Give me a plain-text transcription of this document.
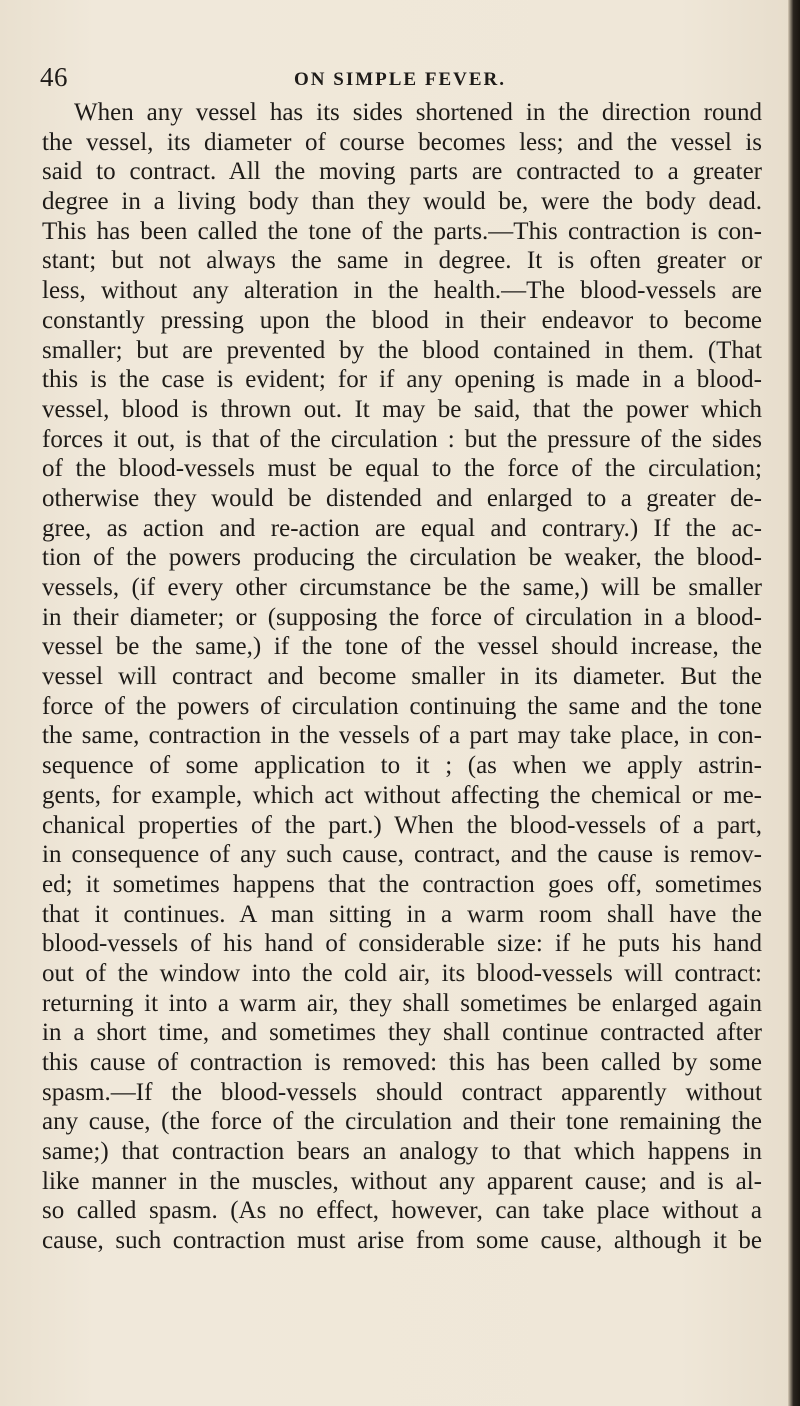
46	ON SIMPLE FEVER.
When any vessel has its sides shortened in the direction round
the vessel, its diameter of course becomes less; and the vessel is
said to contract. All the moving parts are contracted to a greater
degree in a living body than they would be, were the body dead.
This has been called the tone of the parts.—This contraction is con-
stant; but not always the same in degree. It is often greater or
less, without any alteration in the health.—The blood-vessels are
constantly pressing upon the blood in their endeavor to become
smaller; but are prevented by the blood contained in them. (That
this is the case is evident; for if any opening is made in a blood-
vessel, blood is thrown out. It may be said, that the power which
forces it out, is that of the circulation : but the pressure of the sides
of the blood-vessels must be equal to the force of the circulation;
otherwise they would be distended and enlarged to a greater de-
gree, as action and re-action are equal and contrary.) If the ac-
tion of the powers producing the circulation be weaker, the blood-
vessels, (if every other circumstance be the same,) will be smaller
in their diameter; or (supposing the force of circulation in a blood-
vessel be the same,) if the tone of the vessel should increase, the
vessel will contract and become smaller in its diameter. But the
force of the powers of circulation continuing the same and the tone
the same, contraction in the vessels of a part may take place, in con-
sequence of some application to it ; (as when we apply astrin-
gents, for example, which act without affecting the chemical or me-
chanical properties of the part.) When the blood-vessels of a part,
in consequence of any such cause, contract, and the cause is remov-
ed; it sometimes happens that the contraction goes off, sometimes
that it continues. A man sitting in a warm room shall have the
blood-vessels of his hand of considerable size: if he puts his hand
out of the window into the cold air, its blood-vessels will contract:
returning it into a warm air, they shall sometimes be enlarged again
in a short time, and sometimes they shall continue contracted after
this cause of contraction is removed: this has been called by some
spasm.—If the blood-vessels should contract apparently without
any cause, (the force of the circulation and their tone remaining the
same;) that contraction bears an analogy to that which happens in
like manner in the muscles, without any apparent cause; and is al-
so called spasm. (As no effect, however, can take place without a
cause, such contraction must arise from some cause, although it be
